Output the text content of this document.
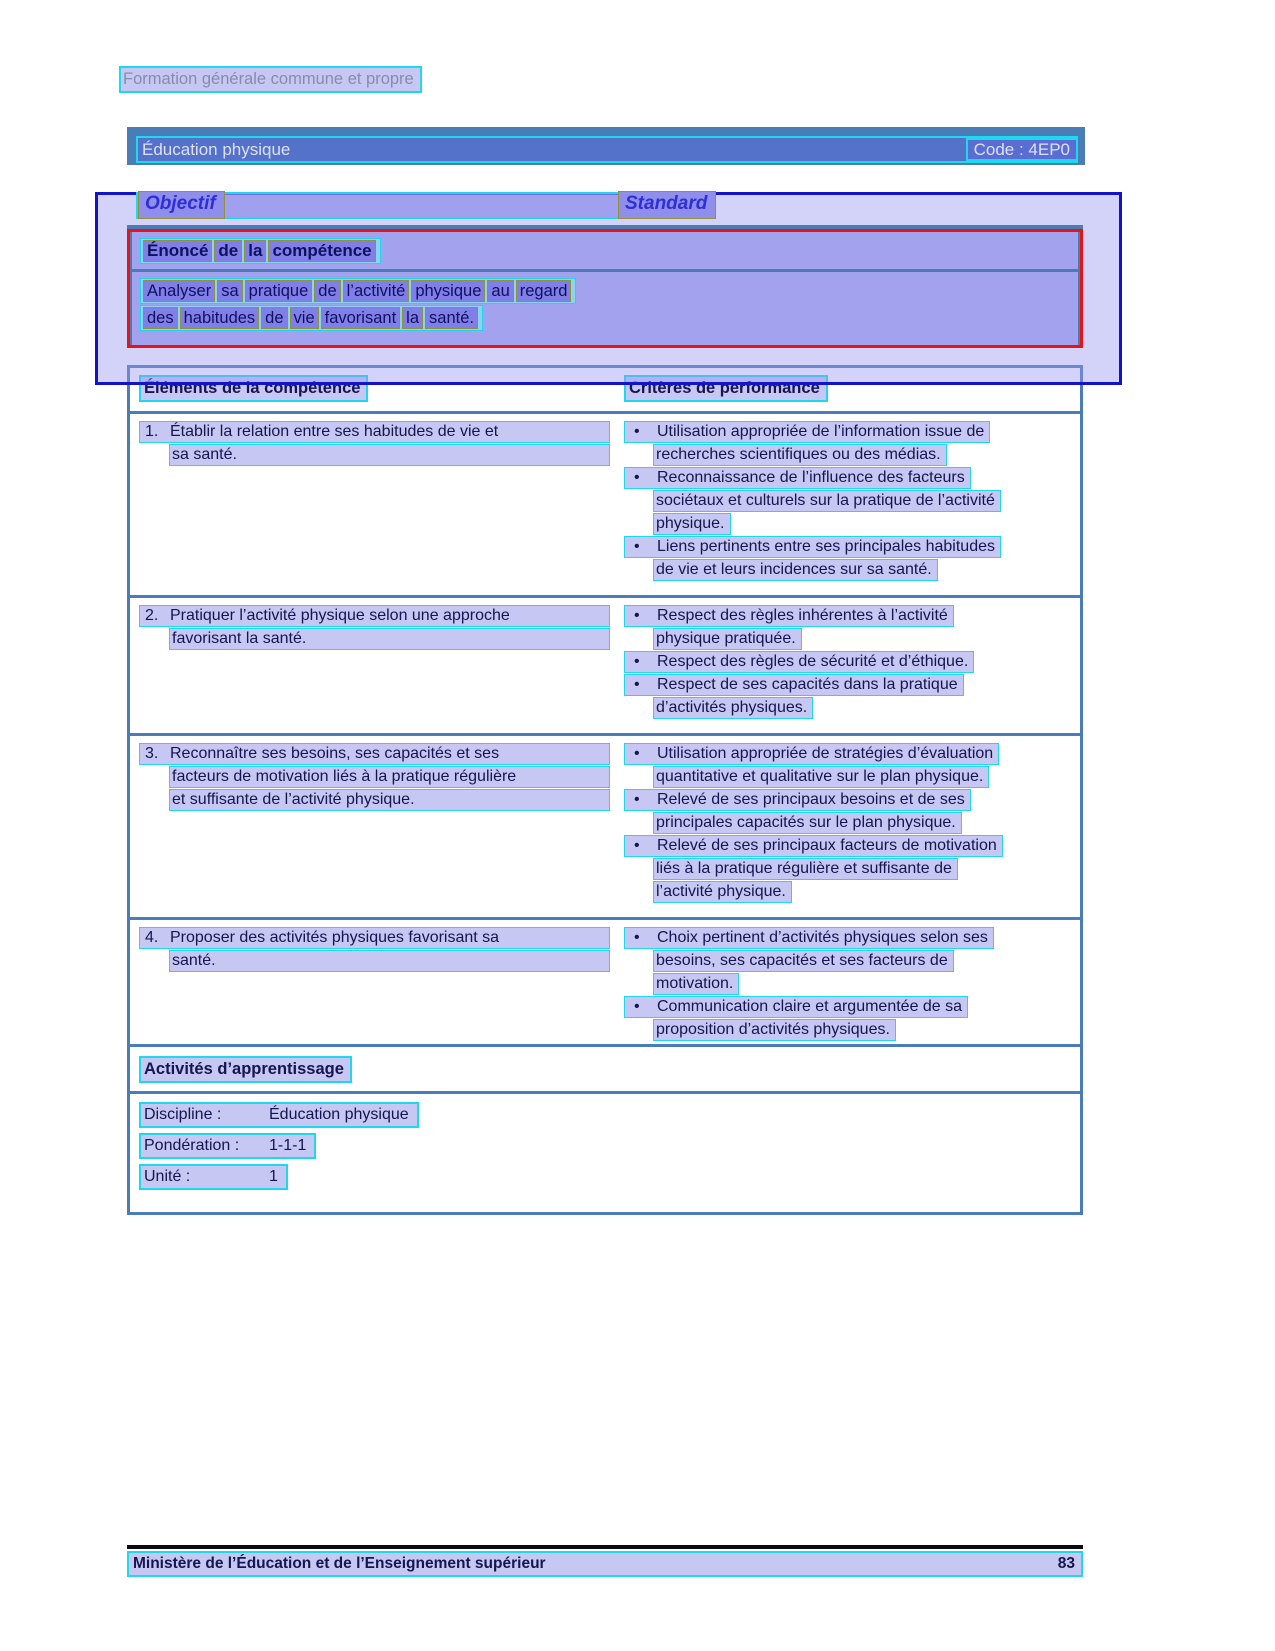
Formation générale commune et propre
Éducation physique	Code : 4EP0
Objectif	Standard
Énoncé de la compétence
Analyser sa pratique de l’activité physique au regard
des habitudes de vie favorisant la santé.
Éléments de la compétence	Critères de performance
1. Établir la relation entre ses habitudes de vie et
sa santé.
• Utilisation appropriée de l’information issue de
recherches scientifiques ou des médias.
• Reconnaissance de l’influence des facteurs
sociétaux et culturels sur la pratique de l’activité
physique.
• Liens pertinents entre ses principales habitudes
de vie et leurs incidences sur sa santé.
2. Pratiquer l’activité physique selon une approche
favorisant la santé.
• Respect des règles inhérentes à l’activité
physique pratiquée.
• Respect des règles de sécurité et d’éthique.
• Respect de ses capacités dans la pratique
d’activités physiques.
3. Reconnaître ses besoins, ses capacités et ses
facteurs de motivation liés à la pratique régulière
et suffisante de l’activité physique.
• Utilisation appropriée de stratégies d’évaluation
quantitative et qualitative sur le plan physique.
• Relevé de ses principaux besoins et de ses
principales capacités sur le plan physique.
• Relevé de ses principaux facteurs de motivation
liés à la pratique régulière et suffisante de
l’activité physique.
4. Proposer des activités physiques favorisant sa
santé.
• Choix pertinent d’activités physiques selon ses
besoins, ses capacités et ses facteurs de
motivation.
• Communication claire et argumentée de sa
proposition d’activités physiques.
Activités d’apprentissage
Discipline :	Éducation physique
Pondération : 1-1-1
Unité :	1
Ministère de l’Éducation et de l’Enseignement supérieur	83
